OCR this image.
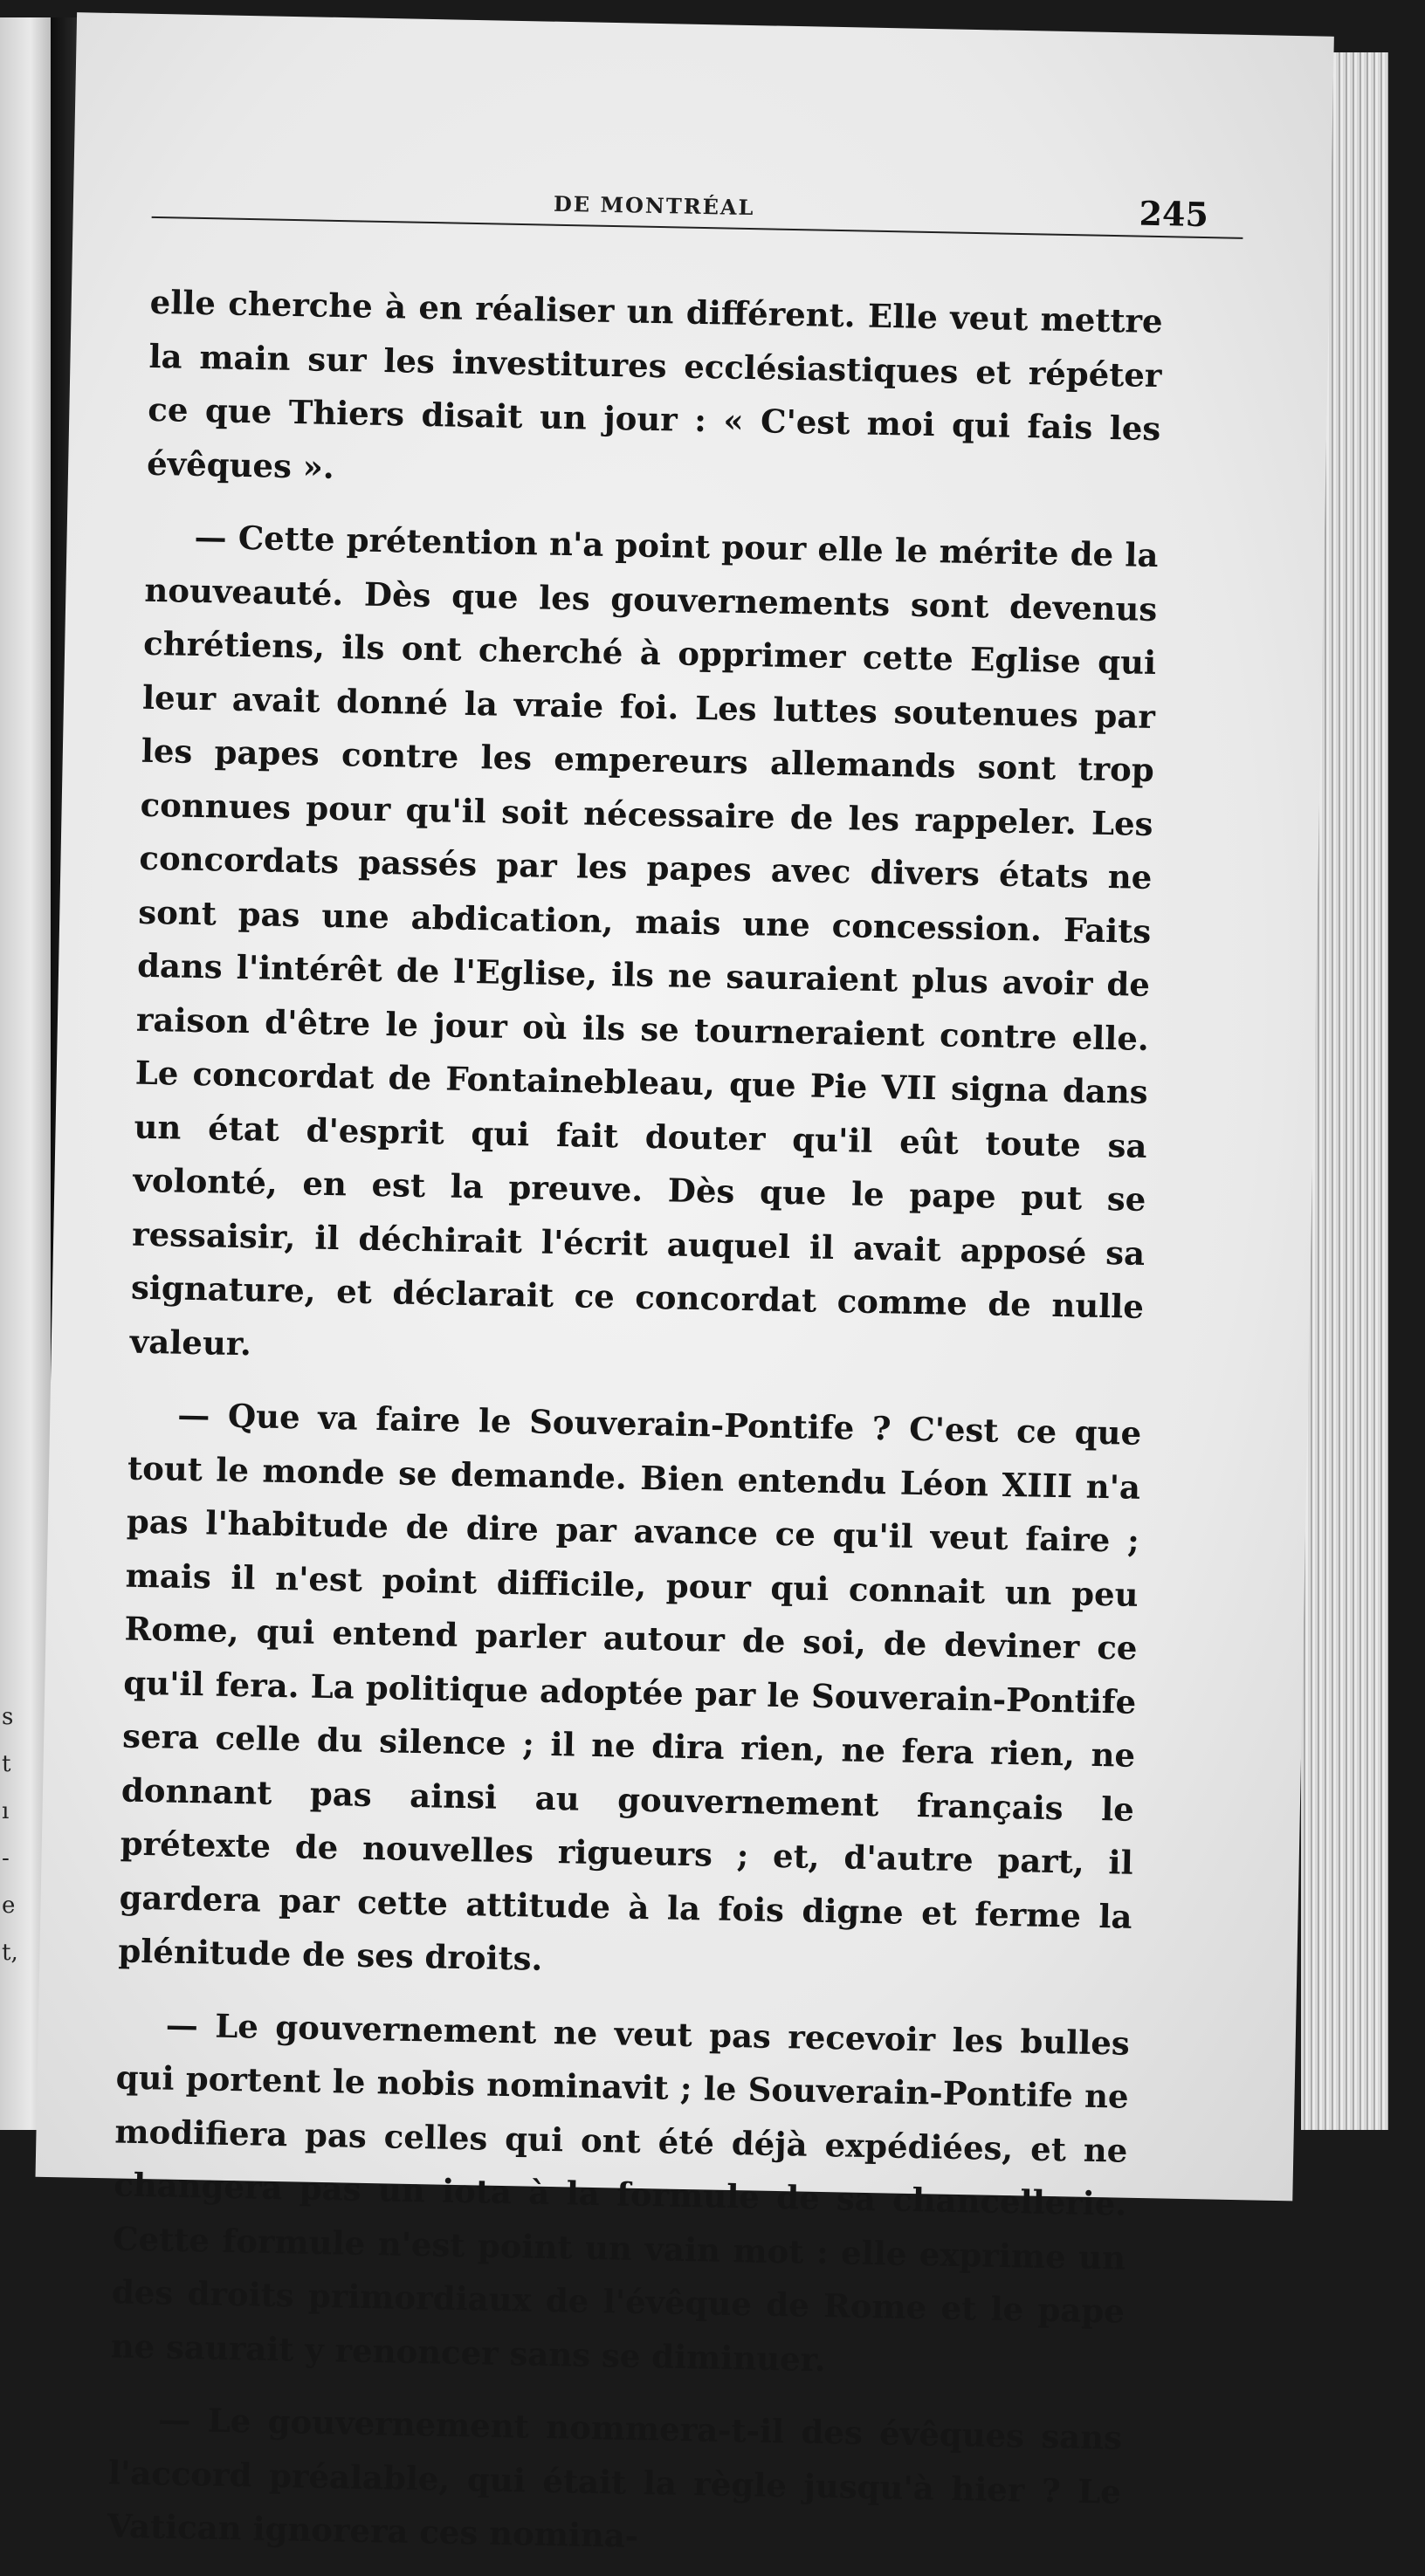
s
t
ı
-
e
t,
DE MONTRÉAL	245

elle cherche à en réaliser un différent. Elle veut mettre la main sur les investitures ecclésiastiques et répéter ce que Thiers disait un jour : « C'est moi qui fais les évêques ».

— Cette prétention n'a point pour elle le mérite de la nouveauté. Dès que les gouvernements sont devenus chrétiens, ils ont cherché à opprimer cette Eglise qui leur avait donné la vraie foi. Les luttes soutenues par les papes contre les empereurs allemands sont trop connues pour qu'il soit nécessaire de les rappeler. Les concordats passés par les papes avec divers états ne sont pas une abdication, mais une concession. Faits dans l'intérêt de l'Eglise, ils ne sauraient plus avoir de raison d'être le jour où ils se tourneraient contre elle. Le concordat de Fontainebleau, que Pie VII signa dans un état d'esprit qui fait douter qu'il eût toute sa volonté, en est la preuve. Dès que le pape put se ressaisir, il déchirait l'écrit auquel il avait apposé sa signature, et déclarait ce concordat comme de nulle valeur.

— Que va faire le Souverain-Pontife ? C'est ce que tout le monde se demande. Bien entendu Léon XIII n'a pas l'habitude de dire par avance ce qu'il veut faire ; mais il n'est point difficile, pour qui connait un peu Rome, qui entend parler autour de soi, de deviner ce qu'il fera. La politique adoptée par le Souverain-Pontife sera celle du silence ; il ne dira rien, ne fera rien, ne donnant pas ainsi au gouvernement français le prétexte de nouvelles rigueurs ; et, d'autre part, il gardera par cette attitude à la fois digne et ferme la plénitude de ses droits.

— Le gouvernement ne veut pas recevoir les bulles qui portent le nobis nominavit ; le Souverain-Pontife ne modifiera pas celles qui ont été déjà expédiées, et ne changera pas un iota à la formule de sa chancellerie. Cette formule n'est point un vain mot : elle exprime un des droits primordiaux de l'évêque de Rome et le pape ne saurait y renoncer sans se diminuer.

— Le gouvernement nommera-t-il des évêques sans l'accord préalable, qui était la règle jusqu'à hier ? Le Vatican ignorera ces nomina-
